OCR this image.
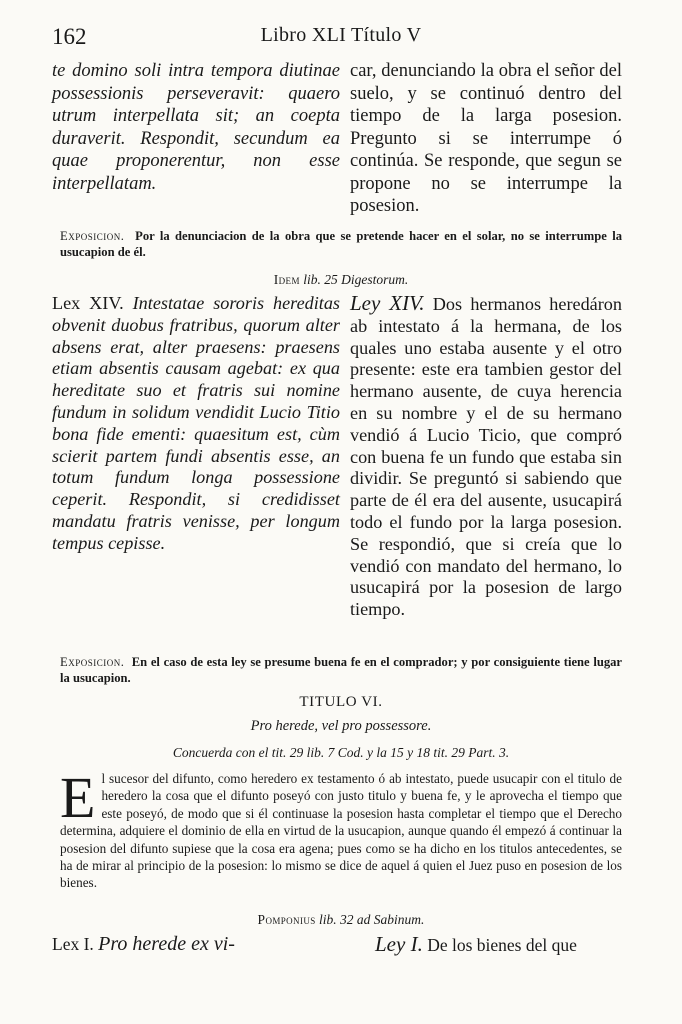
162	Libro XLI Título V

te domino soli intra tempora diutinae possessionis perseveravit: quaero utrum interpellata sit; an coepta duraverit. Respondit, secundum ea quae proponerentur, non esse interpellatam.

car, denunciando la obra el señor del suelo, y se continuó dentro del tiempo de la larga posesion. Pregunto si se interrumpe ó continúa. Se responde, que segun se propone no se interrumpe la posesion.

Exposicion. Por la denunciacion de la obra que se pretende hacer en el solar, no se interrumpe la usucapion de él.
Idem lib. 25 Digestorum.
Lex XIV. Intestatae sororis hereditas obvenit duobus fratribus, quorum alter absens erat, alter praesens: praesens etiam absentis causam agebat: ex qua hereditate suo et fratris sui nomine fundum in solidum vendidit Lucio Titio bona fide ementi: quaesitum est, cùm scierit partem fundi absentis esse, an totum fundum longa possessione ceperit. Respondit, si credidisset mandatu fratris venisse, per longum tempus cepisse.
Ley XIV. Dos hermanos heredáron ab intestato á la hermana, de los quales uno estaba ausente y el otro presente: este era tambien gestor del hermano ausente, de cuya herencia en su nombre y el de su hermano vendió á Lucio Ticio, que compró con buena fe un fundo que estaba sin dividir. Se preguntó si sabiendo que parte de él era del ausente, usucapirá todo el fundo por la larga posesion. Se respondió, que si creía que lo vendió con mandato del hermano, lo usucapirá por la posesion de largo tiempo.
Exposicion. En el caso de esta ley se presume buena fe en el comprador; y por consiguiente tiene lugar la usucapion.
TITULO VI.
Pro herede, vel pro possessore.
Concuerda con el tit. 29 lib. 7 Cod. y la 15 y 18 tit. 29 Part. 3.
El sucesor del difunto, como heredero ex testamento ó ab intestato, puede usucapir con el titulo de heredero la cosa que el difunto poseyó con justo titulo y buena fe, y le aprovecha el tiempo que este poseyó, de modo que si él continuase la posesion hasta completar el tiempo que el Derecho determina, adquiere el dominio de ella en virtud de la usucapion, aunque quando él empezó á continuar la posesion del difunto supiese que la cosa era agena; pues como se ha dicho en los titulos antecedentes, se ha de mirar al principio de la posesion: lo mismo se dice de aquel á quien el Juez puso en posesion de los bienes.
Pomponius lib. 32 ad Sabinum.
Lex I. Pro herede ex vi-	Ley I. De los bienes del que
